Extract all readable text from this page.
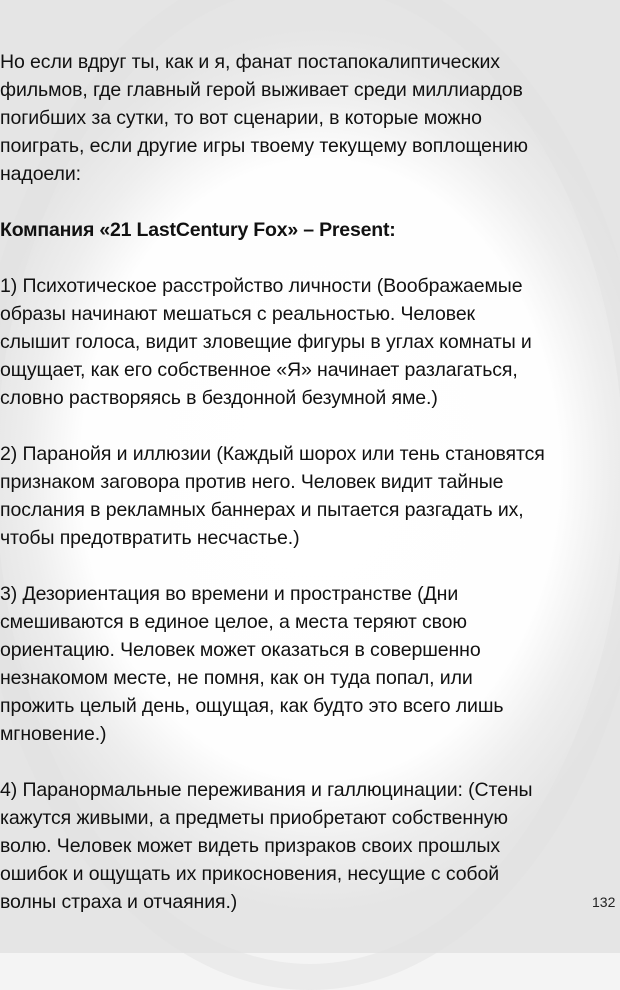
Но если вдруг ты, как и я, фанат постапокалиптических
фильмов, где главный герой выживает среди миллиардов
погибших за сутки, то вот сценарии, в которые можно
поиграть, если другие игры твоему текущему воплощению
надоели:

Компания «21 LastCentury Fox» – Present:

1) Психотическое расстройство личности (Воображаемые
образы начинают мешаться с реальностью. Человек
слышит голоса, видит зловещие фигуры в углах комнаты и
ощущает, как его собственное «Я» начинает разлагаться,
словно растворяясь в бездонной безумной яме.)

2) Паранойя и иллюзии (Каждый шорох или тень становятся
признаком заговора против него. Человек видит тайные
послания в рекламных баннерах и пытается разгадать их,
чтобы предотвратить несчастье.)

3) Дезориентация во времени и пространстве (Дни
смешиваются в единое целое, а места теряют свою
ориентацию. Человек может оказаться в совершенно
незнакомом месте, не помня, как он туда попал, или
прожить целый день, ощущая, как будто это всего лишь
мгновение.)

4) Паранормальные переживания и галлюцинации: (Стены
кажутся живыми, а предметы приобретают собственную
волю. Человек может видеть призраков своих прошлых
ошибок и ощущать их прикосновения, несущие с собой
волны страха и отчаяния.)	132
